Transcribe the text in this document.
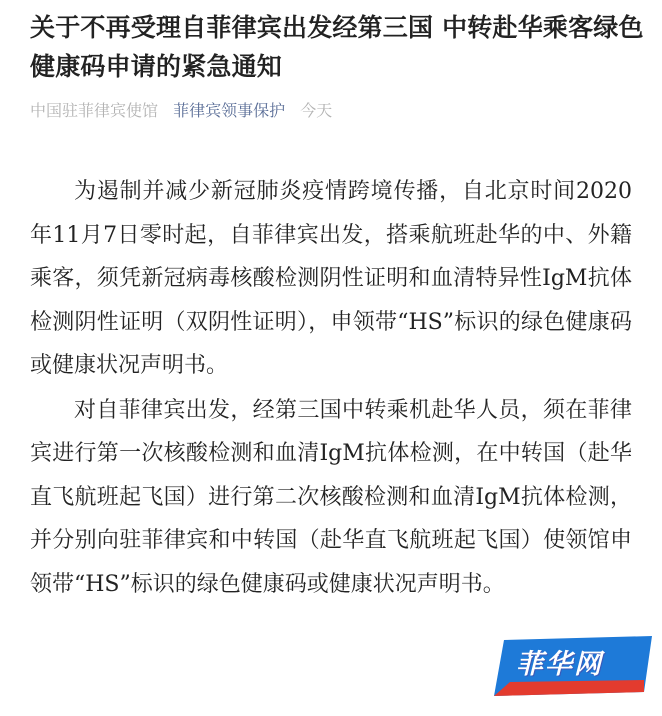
关于不再受理自菲律宾出发经第三国 中转赴华乘客绿色健康码申请的紧急通知
中国驻菲律宾使馆 菲律宾领事保护 今天

为遏制并减少新冠肺炎疫情跨境传播，自北京时间2020年11月7日零时起，自菲律宾出发，搭乘航班赴华的中、外籍乘客，须凭新冠病毒核酸检测阴性证明和血清特异性IgM抗体检测阴性证明（双阴性证明），申领带“HS”标识的绿色健康码或健康状况声明书。

对自菲律宾出发，经第三国中转乘机赴华人员，须在菲律宾进行第一次核酸检测和血清IgM抗体检测，在中转国（赴华直飞航班起飞国）进行第二次核酸检测和血清IgM抗体检测，并分别向驻菲律宾和中转国（赴华直飞航班起飞国）使领馆申领带“HS”标识的绿色健康码或健康状况声明书。

菲华网
